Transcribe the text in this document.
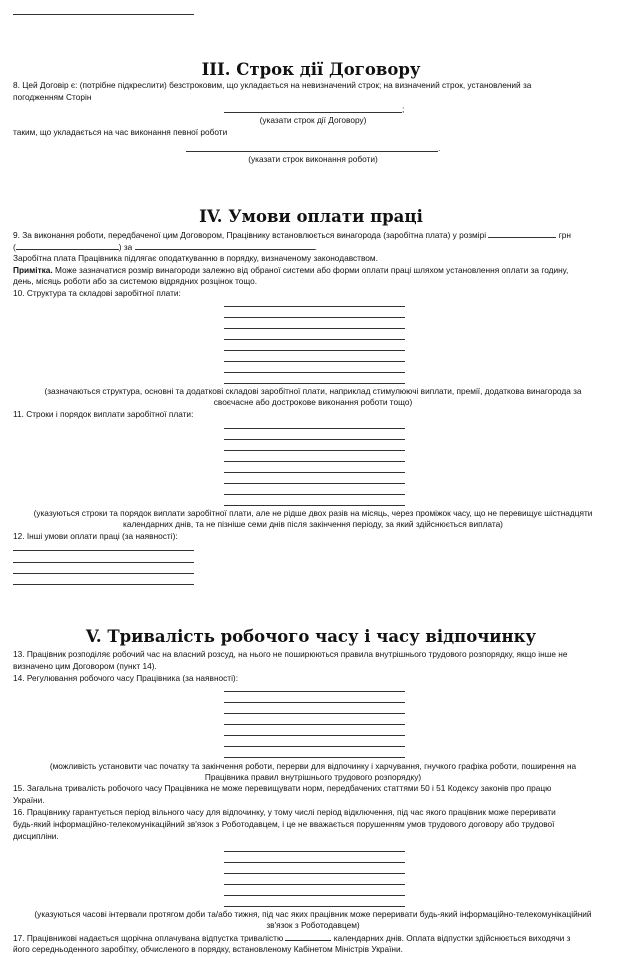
ІІІ. Строк дії Договору
8. Цей Договір є: (потрібне підкреслити) безстроковим, що укладається на невизначений строк; на визначений строк, установлений за
погодженням Сторін
;
(указати строк дії Договору)
таким, що укладається на час виконання певної роботи
.
(указати строк виконання роботи)
ІV. Умови оплати праці
9. За виконання роботи, передбаченої цим Договором, Працівнику встановлюється винагорода (заробітна плата) у розмірі	грн
(	) за	.
Заробітна плата Працівника підлягає оподаткуванню в порядку, визначеному законодавством.
Примітка. Може зазначатися розмір винагороди залежно від обраної системи або форми оплати праці шляхом установлення оплати за годину,
день, місяць роботи або за системою відрядних розцінок тощо.
10. Структура та складові заробітної плати:
(зазначаються структура, основні та додаткові складові заробітної плати, наприклад стимулюючі виплати, премії, додаткова винагорода за
своєчасне або дострокове виконання роботи тощо)
11. Строки і порядок виплати заробітної плати:
(указуються строки та порядок виплати заробітної плати, але не рідше двох разів на місяць, через проміжок часу, що не перевищує шістнадцяти
календарних днів, та не пізніше семи днів після закінчення періоду, за який здійснюється виплата)
12. Інші умови оплати праці (за наявності):
V. Тривалість робочого часу і часу відпочинку
13. Працівник розподіляє робочий час на власний розсуд, на нього не поширюються правила внутрішнього трудового розпорядку, якщо інше не
визначено цим Договором (пункт 14).
14. Регулювання робочого часу Працівника (за наявності):
(можливість установити час початку та закінчення роботи, перерви для відпочинку і харчування, гнучкого графіка роботи, поширення на
Працівника правил внутрішнього трудового розпорядку)
15. Загальна тривалість робочого часу Працівника не може перевищувати норм, передбачених статтями 50 і 51 Кодексу законів про працю
України.
16. Працівнику гарантується період вільного часу для відпочинку, у тому числі період відключення, під час якого працівник може переривати
будь-який інформаційно-телекомунікаційний зв'язок з Роботодавцем, і це не вважається порушенням умов трудового договору або трудової
дисципліни.
(указуються часові інтервали протягом доби та/або тижня, під час яких працівник може переривати будь-який інформаційно-телекомунікаційний
зв'язок з Роботодавцем)
17. Працівникові надається щорічна оплачувана відпустка тривалістю	календарних днів. Оплата відпустки здійснюється виходячи з
його середньоденного заробітку, обчисленого в порядку, встановленому Кабінетом Міністрів України.
